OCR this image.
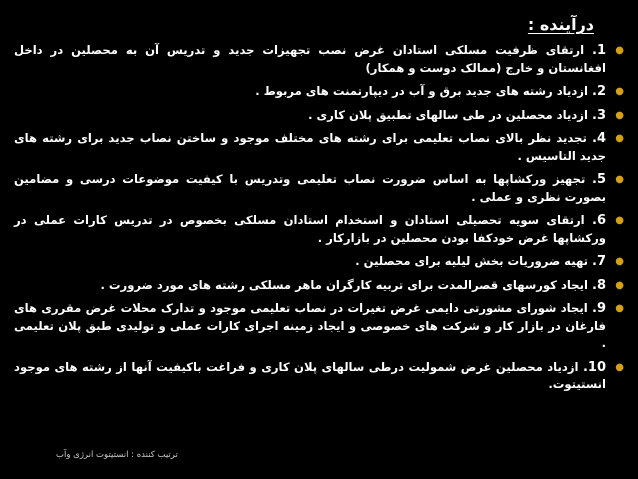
درآینده :
●
1. ارتقای ظرفیت مسلکی استادان غرض نصب تجهیزات جدید و تدریس آن به محصلین در داخل افغانستان و خارج (ممالک دوست و همکار)
●
2. ازدیاد رشته های جدید برق و آب در دیپارتمنت های مربوط .
●
3. ازدیاد محصلین در طی سالهای تطبیق پلان کاری .
●
4. تجدید نظر بالای نصاب تعلیمی برای رشته های مختلف موجود و ساختن نصاب جدید برای رشته های جدید التاسیس .
●
5. تجهیز ورکشاپها به اساس ضرورت نصاب تعلیمی وتدریس با کیفیت موضوعات درسی و مضامین بصورت نظری و عملی .
●
6. ارتقای سویه تحصیلی استادان و استخدام استادان مسلکی بخصوص در تدریس کارات عملی در ورکشاپها غرض خودکفا بودن محصلین در بازارکار .
●
7. تهیه ضروریات بخش لیلیه برای محصلین .
●
8. ایجاد کورسهای قصرالمدت برای تربیه کارگران ماهر مسلکی رشته های مورد ضرورت .
●
9. ایجاد شورای مشورتی دایمی غرض تغیرات در نصاب تعلیمی موجود و تدارک محلات غرض مقرری های فارغان در بازار کار و شرکت های خصوصی و ایجاد زمینه اجرای کارات عملی و تولیدی طبق پلان تعلیمی .
●
10. ازدیاد محصلین غرض شمولیت درطی سالهای پلان کاری و فراغت باکیفیت آنها از رشته های موجود انستیتوت.
ترتیب کننده : انستیتوت انرژی وآب
